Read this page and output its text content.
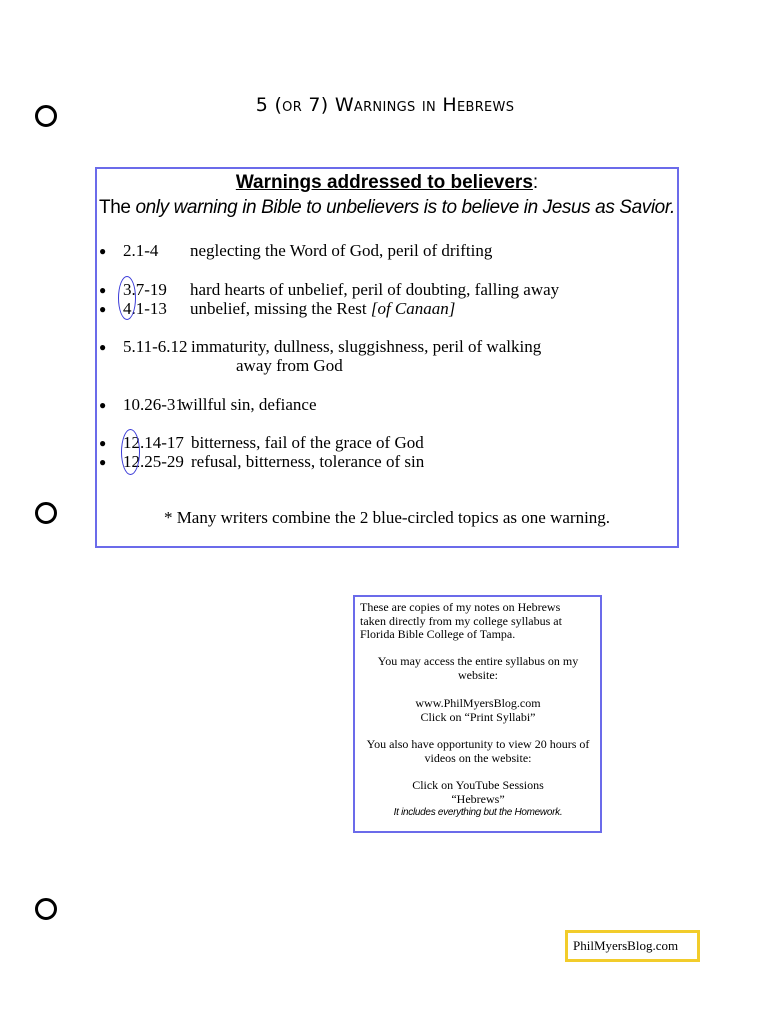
5 (or 7) Warnings in Hebrews
Warnings addressed to believers:
The only warning in Bible to unbelievers is to believe in Jesus as Savior.
● 2.1-4 neglecting the Word of God, peril of drifting
● 3.7-19 hard hearts of unbelief, peril of doubting, falling away
● 4.1-13 unbelief, missing the Rest [of Canaan]
● 5.11-6.12 immaturity, dullness, sluggishness, peril of walking
away from God
● 10.26-31
willful sin, defiance
● 12.14-17 bitterness, fail of the grace of God
● 12.25-29 refusal, bitterness, tolerance of sin
* Many writers combine the 2 blue-circled topics as one warning.
These are copies of my notes on Hebrews
taken directly from my college syllabus at
Florida Bible College of Tampa.
You may access the entire syllabus on my
website:
www.PhilMyersBlog.com
Click on “Print Syllabi”
You also have opportunity to view 20 hours of
videos on the website:
Click on YouTube Sessions
“Hebrews”
It includes everything but the Homework.
PhilMyersBlog.com
